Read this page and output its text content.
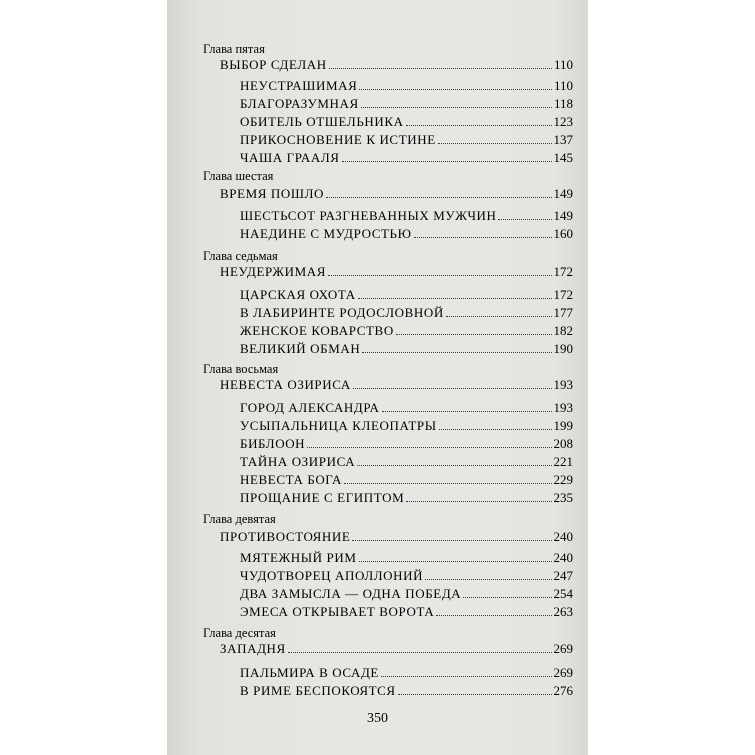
Глава пятая
ВЫБОР СДЕЛАН	110
НЕУСТРАШИМАЯ	110
БЛАГОРАЗУМНАЯ	118
ОБИТЕЛЬ ОТШЕЛЬНИКА	123
ПРИКОСНОВЕНИЕ К ИСТИНЕ	137
ЧАША ГРААЛЯ	145
Глава шестая
ВРЕМЯ ПОШЛО	149
ШЕСТЬСОТ РАЗГНЕВАННЫХ МУЖЧИН	149
НАЕДИНЕ С МУДРОСТЬЮ	160
Глава седьмая
НЕУДЕРЖИМАЯ	172
ЦАРСКАЯ ОХОТА	172
В ЛАБИРИНТЕ РОДОСЛОВНОЙ	177
ЖЕНСКОЕ КОВАРСТВО	182
ВЕЛИКИЙ ОБМАН	190
Глава восьмая
НЕВЕСТА ОЗИРИСА	193
ГОРОД АЛЕКСАНДРА	193
УСЫПАЛЬНИЦА КЛЕОПАТРЫ	199
БИБЛООН	208
ТАЙНА ОЗИРИСА	221
НЕВЕСТА БОГА	229
ПРОЩАНИЕ С ЕГИПТОМ	235
Глава девятая
ПРОТИВОСТОЯНИЕ	240
МЯТЕЖНЫЙ РИМ	240
ЧУДОТВОРЕЦ АПОЛЛОНИЙ	247
ДВА ЗАМЫСЛА — ОДНА ПОБЕДА	254
ЭМЕСА ОТКРЫВАЕТ ВОРОТА	263
Глава десятая
ЗАПАДНЯ	269
ПАЛЬМИРА В ОСАДЕ	269
В РИМЕ БЕСПОКОЯТСЯ	276
350
